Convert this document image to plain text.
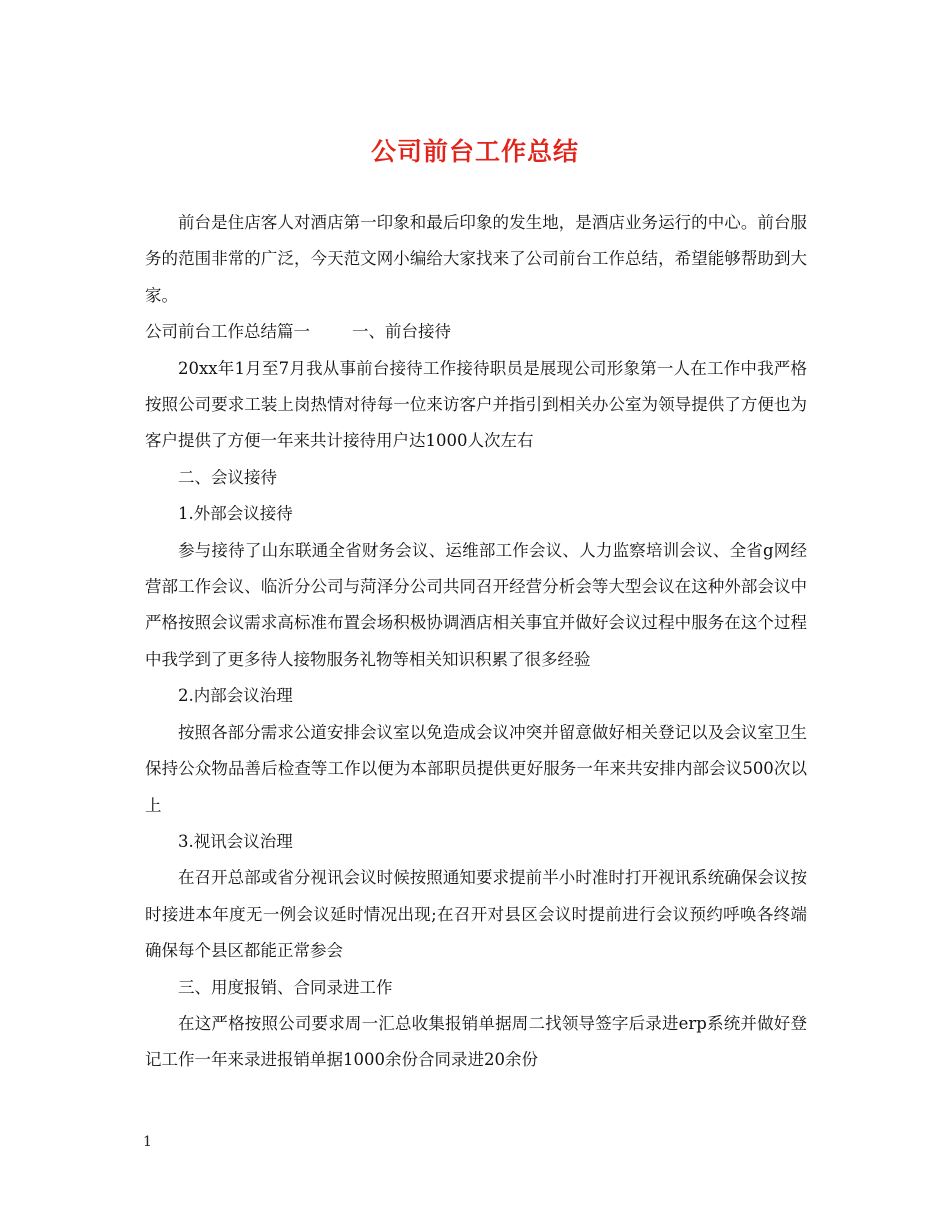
公司前台工作总结

前台是住店客人对酒店第一印象和最后印象的发生地，是酒店业务运行的中心。前台服务的范围非常的广泛，今天范文网小编给大家找来了公司前台工作总结，希望能够帮助到大家。

公司前台工作总结篇一        一、前台接待

20xx年1月至7月我从事前台接待工作接待职员是展现公司形象第一人在工作中我严格按照公司要求工装上岗热情对待每一位来访客户并指引到相关办公室为领导提供了方便也为客户提供了方便一年来共计接待用户达1000人次左右

二、会议接待

1.外部会议接待

参与接待了山东联通全省财务会议、运维部工作会议、人力监察培训会议、全省g网经营部工作会议、临沂分公司与菏泽分公司共同召开经营分析会等大型会议在这种外部会议中严格按照会议需求高标准布置会场积极协调酒店相关事宜并做好会议过程中服务在这个过程中我学到了更多待人接物服务礼物等相关知识积累了很多经验

2.内部会议治理

按照各部分需求公道安排会议室以免造成会议冲突并留意做好相关登记以及会议室卫生保持公众物品善后检查等工作以便为本部职员提供更好服务一年来共安排内部会议500次以上

3.视讯会议治理

在召开总部或省分视讯会议时候按照通知要求提前半小时准时打开视讯系统确保会议按时接进本年度无一例会议延时情况出现;在召开对县区会议时提前进行会议预约呼唤各终端确保每个县区都能正常参会

三、用度报销、合同录进工作

在这严格按照公司要求周一汇总收集报销单据周二找领导签字后录进erp系统并做好登记工作一年来录进报销单据1000余份合同录进20余份

1
